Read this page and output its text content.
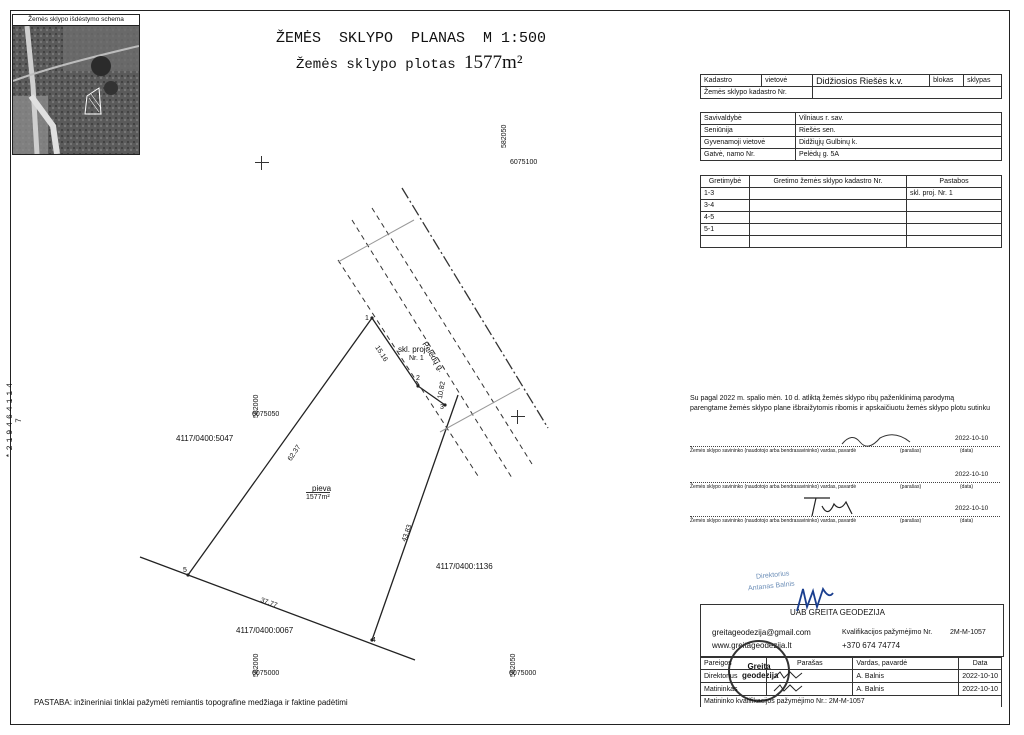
*219464114 7
Žemės sklypo išdėstymo schema
ŽEMĖS  SKLYPO  PLANAS  M 1:500
Žemės sklypo plotas 1577m²
582050
6075100
582000
6075050
582000
6075000	582050
6075000
4117/0400:5047
4117/0400:1136
4117/0400:0067
pieva
1577m²
Pelėdų g.
skl. proj.
Nr. 1
1
2
3
4
5
15.16
10.82
43.83
37.77
62.37
Kadastro	vietovė	Didžiosios Riešės k.v.	blokas	sklypas
Žemės sklypo kadastro Nr.				
Savivaldybė	Vilniaus r. sav.
Seniūnija	Riešės sen.
Gyvenamoji vietovė	Didžiųjų Gulbinų k.
Gatvė, namo Nr.	Pelėdų g. 5A
Gretimybė	Gretimo žemės sklypo kadastro Nr.	Pastabos
1-3		skl. proj. Nr. 1
3-4		
4-5		
5-1		

Su pagal 2022 m. spalio mėn. 10 d. atliktą žemės sklypo ribų paženklinimą parodymą
parengtame žemės sklypo plane išbraižytomis ribomis ir apskaičiuotu žemės sklypo plotu sutinku
Žemės sklypo savininko (naudotojo arba bendrasavininko) vardas, pavardė	(parašas)
2022-10-10
(data)
Žemės sklypo savininko (naudotojo arba bendrasavininko) vardas, pavardė	(parašas)
2022-10-10
(data)
Žemės sklypo savininko (naudotojo arba bendrasavininko) vardas, pavardė	(parašas)
2022-10-10
(data)
UAB GREITA GEODEZIJA
greitageodezija@gmail.com
www.greitageodezija.lt
Kvalifikacijos pažymėjimo Nr.	2M-M-1057
+370 674 74774
Direktorius
Antanas Balnis
Greita geodezija
Pareigos	Parašas	Vardas, pavardė	Data
Direktorius		A. Balnis	2022-10-10
Matininkas		A. Balnis	2022-10-10
Matininko kvalifikacijos pažymėjimo Nr.: 2M-M-1057			
PASTABA: inžineriniai tinklai pažymėti remiantis topografine medžiaga ir faktine padėtimi
